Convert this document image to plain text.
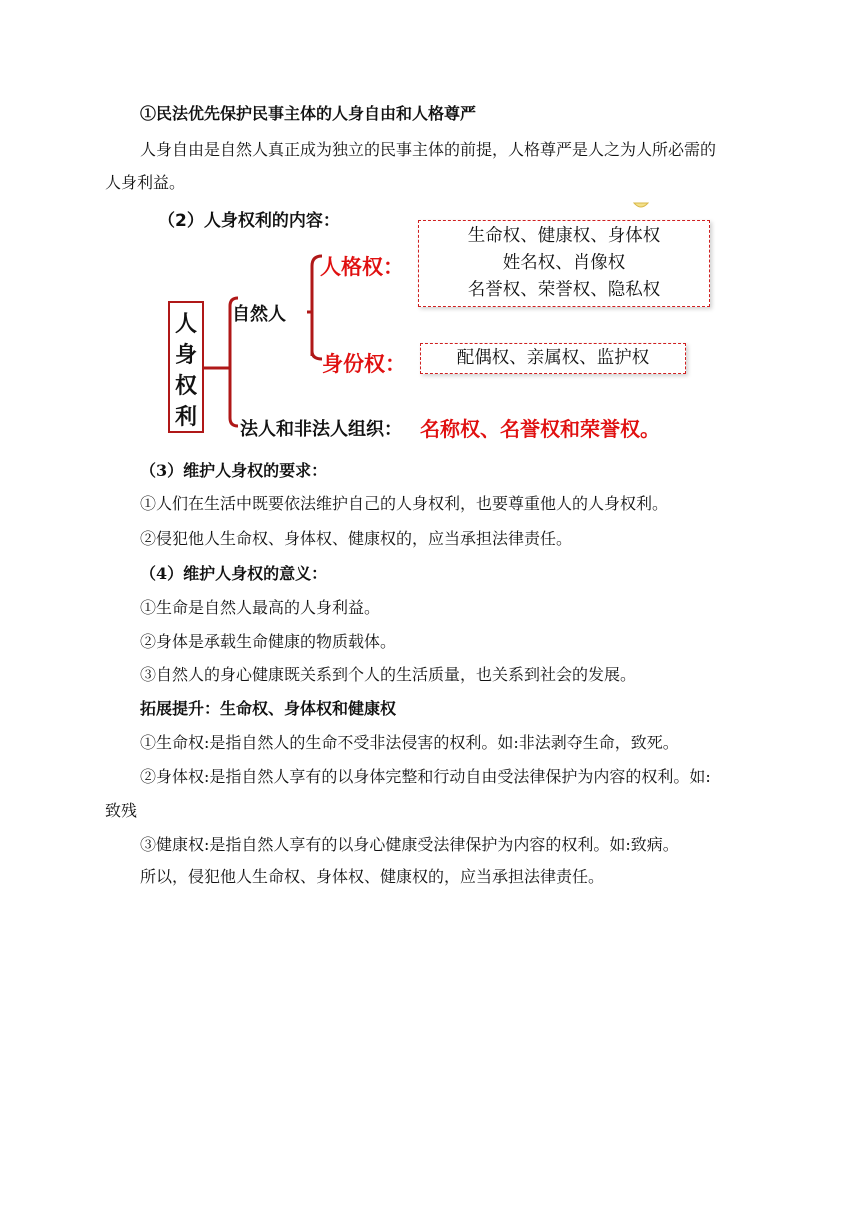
①民法优先保护民事主体的人身自由和人格尊严
人身自由是自然人真正成为独立的民事主体的前提，人格尊严是人之为人所必需的
人身利益。
（2）人身权利的内容：
人
身
权
利
自然人
人格权：
生命权、健康权、身体权
姓名权、肖像权
名誉权、荣誉权、隐私权
身份权：	配偶权、亲属权、监护权
法人和非法人组织： 名称权、名誉权和荣誉权。
（3）维护人身权的要求：
①人们在生活中既要依法维护自己的人身权利，也要尊重他人的人身权利。
②侵犯他人生命权、身体权、健康权的，应当承担法律责任。
（4）维护人身权的意义：
①生命是自然人最高的人身利益。
②身体是承载生命健康的物质载体。
③自然人的身心健康既关系到个人的生活质量，也关系到社会的发展。
拓展提升：生命权、身体权和健康权
①生命权:是指自然人的生命不受非法侵害的权利。如:非法剥夺生命，致死。
②身体权:是指自然人享有的以身体完整和行动自由受法律保护为内容的权利。如:
致残
③健康权:是指自然人享有的以身心健康受法律保护为内容的权利。如:致病。
所以，侵犯他人生命权、身体权、健康权的，应当承担法律责任。
